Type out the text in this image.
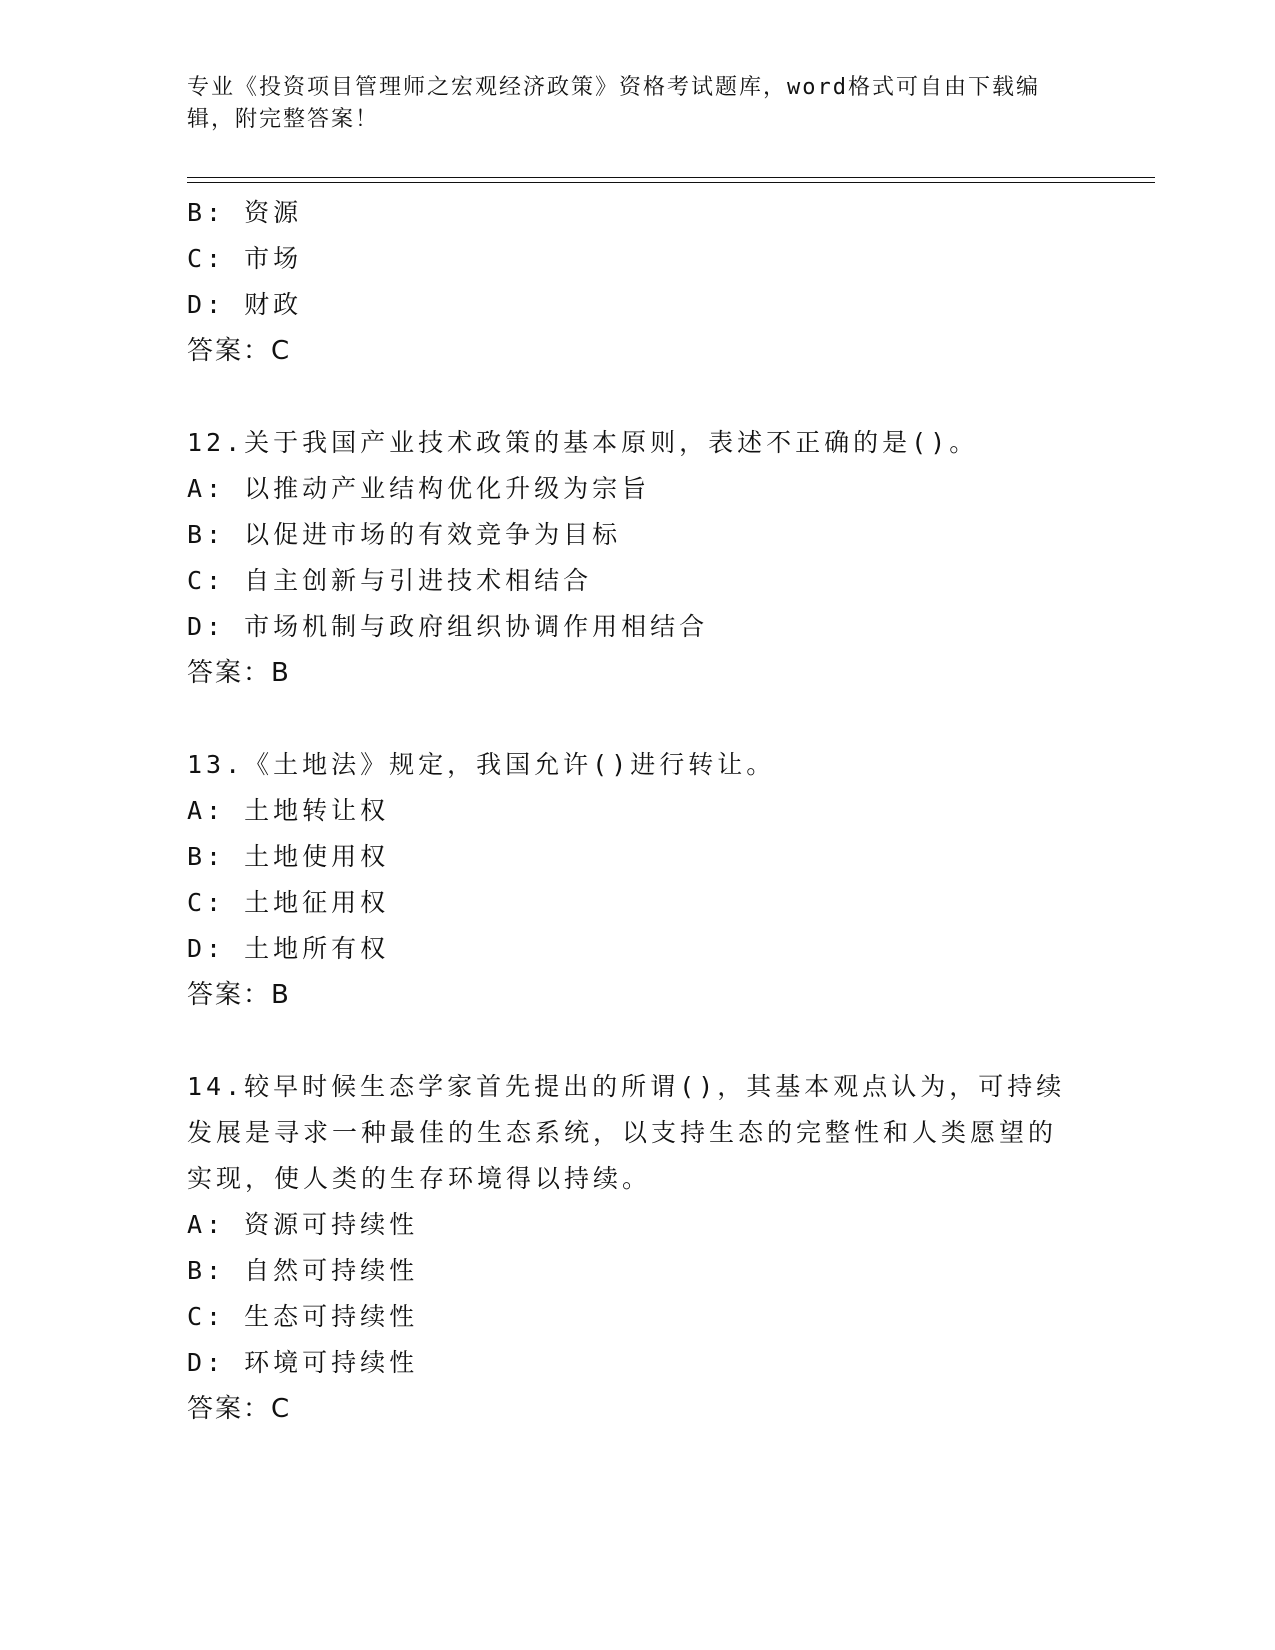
专业《投资项目管理师之宏观经济政策》资格考试题库，word格式可自由下载编辑，附完整答案！
B: 资源
C: 市场
D: 财政
答案：C
12.关于我国产业技术政策的基本原则，表述不正确的是()。
A: 以推动产业结构优化升级为宗旨
B: 以促进市场的有效竞争为目标
C: 自主创新与引进技术相结合
D: 市场机制与政府组织协调作用相结合
答案：B
13.《土地法》规定，我国允许()进行转让。
A: 土地转让权
B: 土地使用权
C: 土地征用权
D: 土地所有权
答案：B
14.较早时候生态学家首先提出的所谓()，其基本观点认为，可持续发展是寻求一种最佳的生态系统，以支持生态的完整性和人类愿望的实现，使人类的生存环境得以持续。
A: 资源可持续性
B: 自然可持续性
C: 生态可持续性
D: 环境可持续性
答案：C
